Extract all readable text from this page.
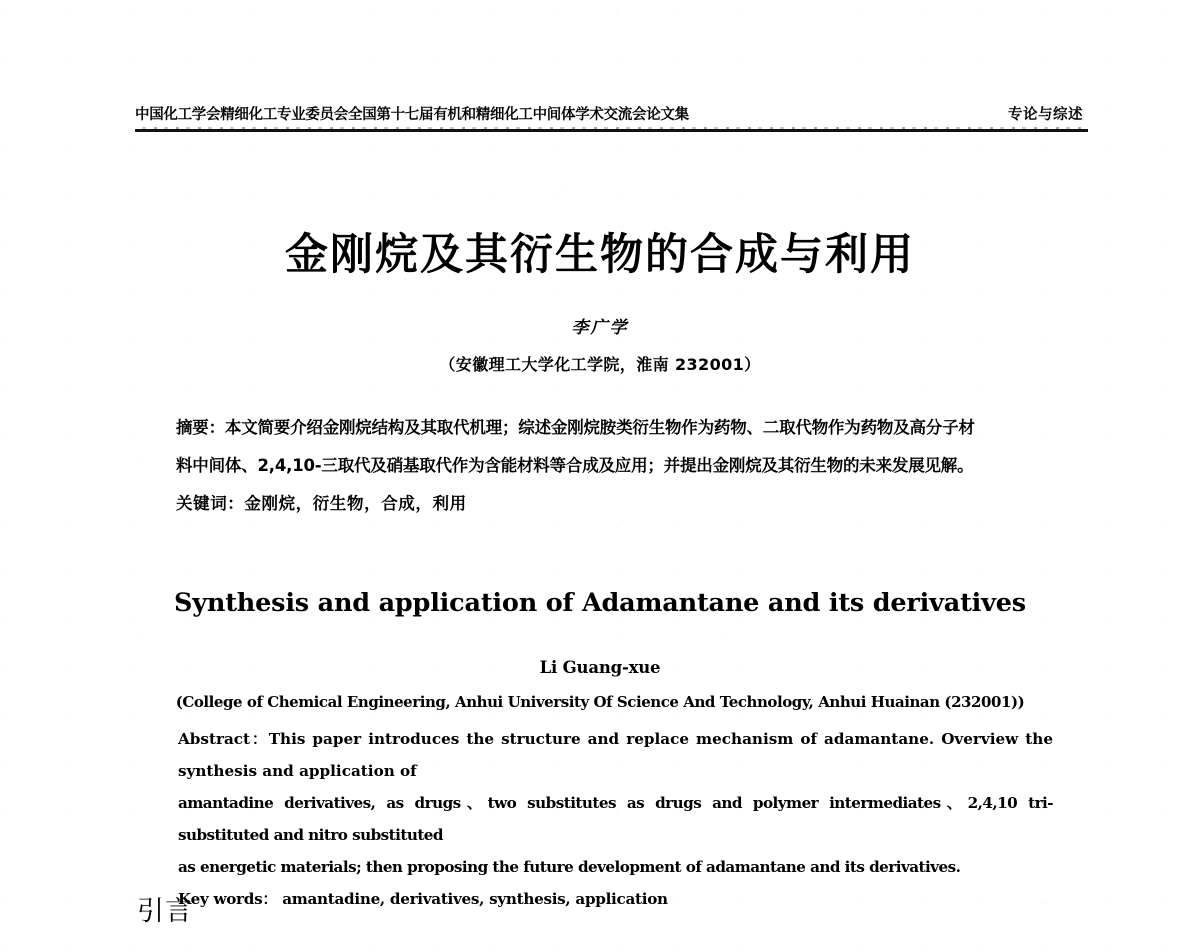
中国化工学会精细化工专业委员会全国第十七届有机和精细化工中间体学术交流会论文集	专论与综述
金刚烷及其衍生物的合成与利用
李广学
（安徽理工大学化工学院，淮南 232001）

摘要：本文简要介绍金刚烷结构及其取代机理；综述金刚烷胺类衍生物作为药物、二取代物作为药物及高分子材

料中间体、2,4,10-三取代及硝基取代作为含能材料等合成及应用；并提出金刚烷及其衍生物的未来发展见解。

关键词：金刚烷，衍生物，合成，利用

Synthesis and application of Adamantane and its derivatives
Li Guang-xue
(College of Chemical Engineering, Anhui University Of Science And Technology, Anhui Huainan (232001))

Abstract：This paper introduces the structure and replace mechanism of adamantane. Overview the synthesis and application of

amantadine derivatives, as drugs、two substitutes as drugs and polymer intermediates、2,4,10 tri-substituted and nitro substituted

as energetic materials; then proposing the future development of adamantane and its derivatives.

Key words： amantadine, derivatives, synthesis, application

引言
